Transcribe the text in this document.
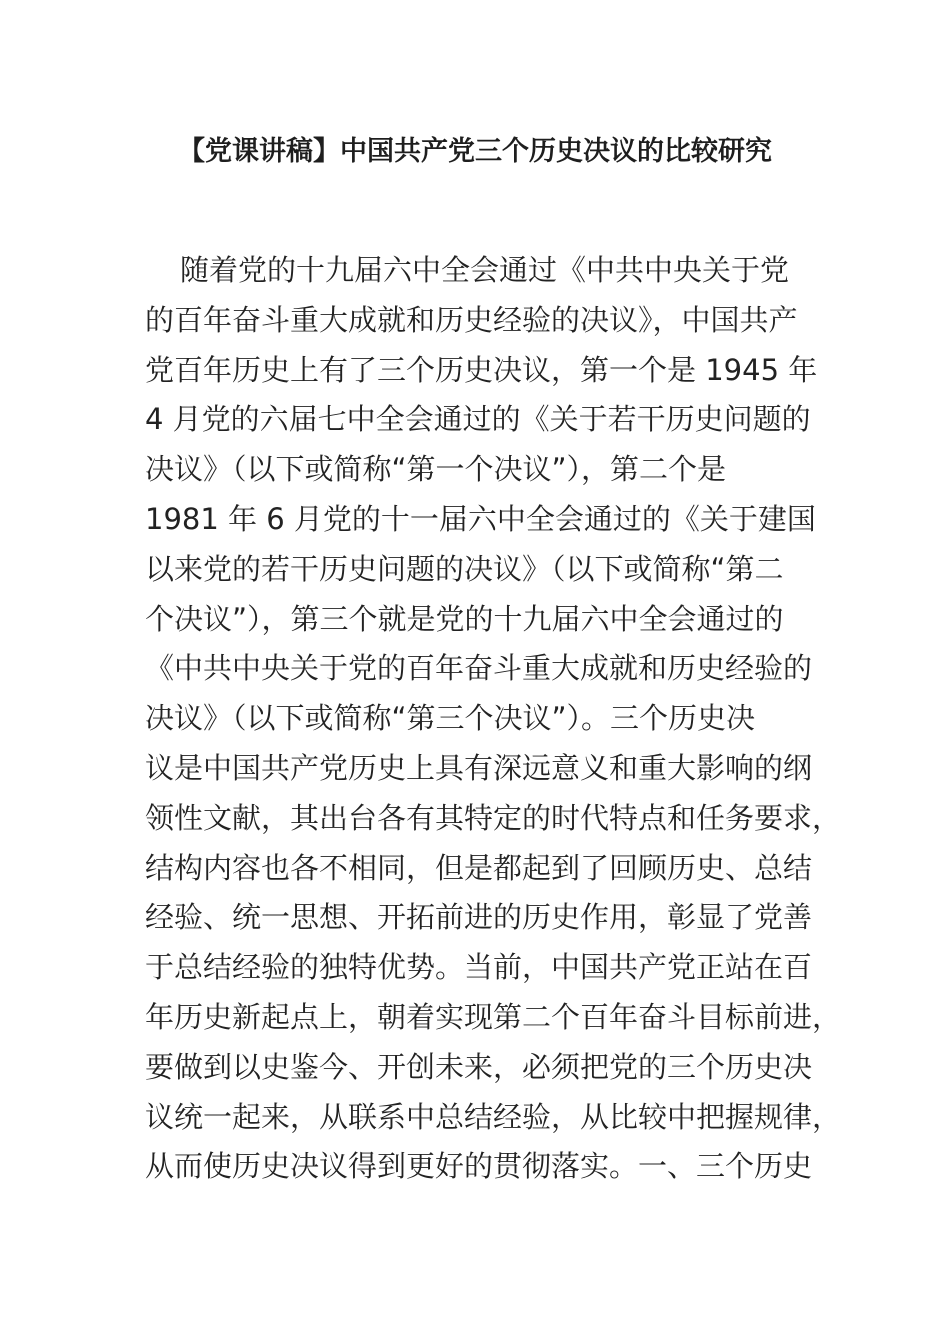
【党课讲稿】中国共产党三个历史决议的比较研究
随着党的十九届六中全会通过《中共中央关于党
的百年奋斗重大成就和历史经验的决议》，中国共产
党百年历史上有了三个历史决议，第一个是 1945 年
4 月党的六届七中全会通过的《关于若干历史问题的
决议》（以下或简称“第一个决议”），第二个是
1981 年 6 月党的十一届六中全会通过的《关于建国
以来党的若干历史问题的决议》（以下或简称“第二
个决议”），第三个就是党的十九届六中全会通过的
《中共中央关于党的百年奋斗重大成就和历史经验的
决议》（以下或简称“第三个决议”）。三个历史决
议是中国共产党历史上具有深远意义和重大影响的纲
领性文献，其出台各有其特定的时代特点和任务要求，
结构内容也各不相同，但是都起到了回顾历史、总结
经验、统一思想、开拓前进的历史作用，彰显了党善
于总结经验的独特优势。当前，中国共产党正站在百
年历史新起点上，朝着实现第二个百年奋斗目标前进，
要做到以史鉴今、开创未来，必须把党的三个历史决
议统一起来，从联系中总结经验，从比较中把握规律，
从而使历史决议得到更好的贯彻落实。一、三个历史
